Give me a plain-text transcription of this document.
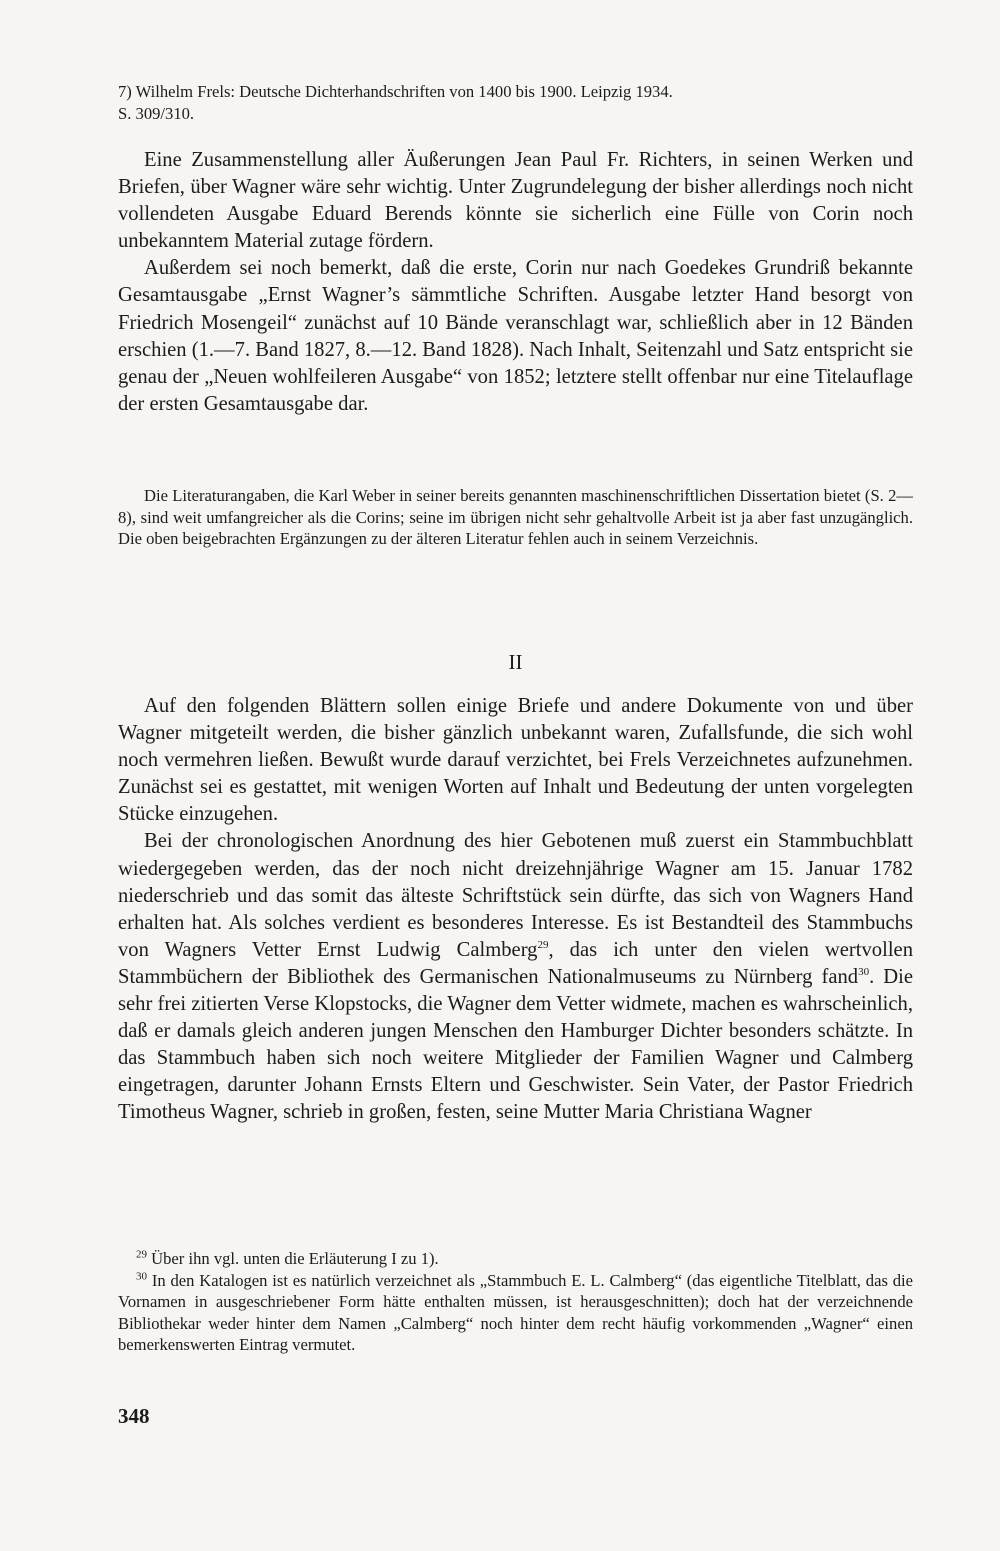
7) Wilhelm Frels: Deutsche Dichterhandschriften von 1400 bis 1900. Leipzig 1934.
S. 309/310.

Eine Zusammenstellung aller Äußerungen Jean Paul Fr. Richters, in seinen Werken und Briefen, über Wagner wäre sehr wichtig. Unter Zugrundelegung der bisher allerdings noch nicht vollendeten Ausgabe Eduard Berends könnte sie sicherlich eine Fülle von Corin noch unbekanntem Material zutage fördern.

Außerdem sei noch bemerkt, daß die erste, Corin nur nach Goedekes Grundriß bekannte Gesamtausgabe „Ernst Wagner’s sämmtliche Schriften. Ausgabe letzter Hand besorgt von Friedrich Mosengeil“ zunächst auf 10 Bände veranschlagt war, schließlich aber in 12 Bänden erschien (1.—7. Band 1827, 8.—12. Band 1828). Nach Inhalt, Seitenzahl und Satz entspricht sie genau der „Neuen wohlfeileren Ausgabe“ von 1852; letztere stellt offenbar nur eine Titelauflage der ersten Gesamtausgabe dar.

Die Literaturangaben, die Karl Weber in seiner bereits genannten maschinenschriftlichen Dissertation bietet (S. 2—8), sind weit umfangreicher als die Corins; seine im übrigen nicht sehr gehaltvolle Arbeit ist ja aber fast unzugänglich. Die oben beigebrachten Ergänzungen zu der älteren Literatur fehlen auch in seinem Verzeichnis.

II

Auf den folgenden Blättern sollen einige Briefe und andere Dokumente von und über Wagner mitgeteilt werden, die bisher gänzlich unbekannt waren, Zufallsfunde, die sich wohl noch vermehren ließen. Bewußt wurde darauf verzichtet, bei Frels Verzeichnetes aufzunehmen. Zunächst sei es gestattet, mit wenigen Worten auf Inhalt und Bedeutung der unten vorgelegten Stücke einzugehen.

Bei der chronologischen Anordnung des hier Gebotenen muß zuerst ein Stammbuchblatt wiedergegeben werden, das der noch nicht dreizehnjährige Wagner am 15. Januar 1782 niederschrieb und das somit das älteste Schriftstück sein dürfte, das sich von Wagners Hand erhalten hat. Als solches verdient es besonderes Interesse. Es ist Bestandteil des Stammbuchs von Wagners Vetter Ernst Ludwig Calmberg$^{29}$, das ich unter den vielen wertvollen Stammbüchern der Bibliothek des Germanischen Nationalmuseums zu Nürnberg fand$^{30}$. Die sehr frei zitierten Verse Klopstocks, die Wagner dem Vetter widmete, machen es wahrscheinlich, daß er damals gleich anderen jungen Menschen den Hamburger Dichter besonders schätzte. In das Stammbuch haben sich noch weitere Mitglieder der Familien Wagner und Calmberg eingetragen, darunter Johann Ernsts Eltern und Geschwister. Sein Vater, der Pastor Friedrich Timotheus Wagner, schrieb in großen, festen, seine Mutter Maria Christiana Wagner

$^{29}$ Über ihn vgl. unten die Erläuterung I zu 1).

$^{30}$ In den Katalogen ist es natürlich verzeichnet als „Stammbuch E. L. Calmberg“ (das eigentliche Titelblatt, das die Vornamen in ausgeschriebener Form hätte enthalten müssen, ist herausgeschnitten); doch hat der verzeichnende Bibliothekar weder hinter dem Namen „Calmberg“ noch hinter dem recht häufig vorkommenden „Wagner“ einen bemerkenswerten Eintrag vermutet.

348
